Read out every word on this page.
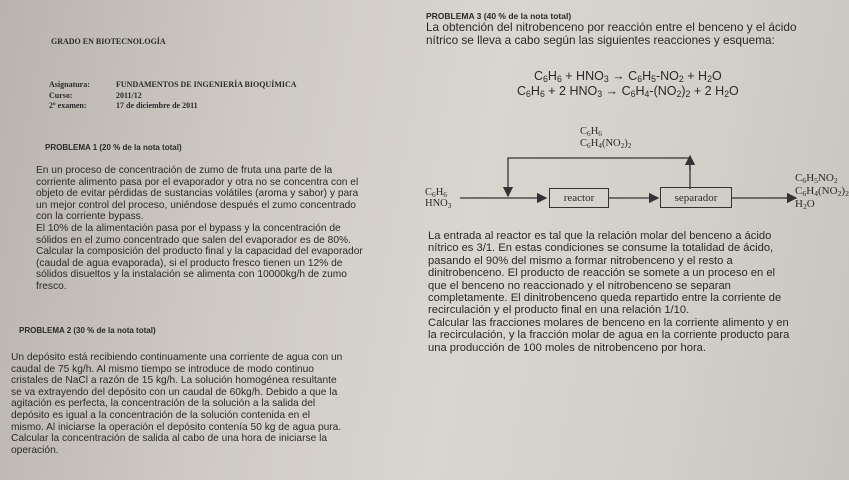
GRADO EN BIOTECNOLOGÍA
Asignatura:	FUNDAMENTOS DE INGENIERÍA BIOQUÍMICA
Curso:	2011/12
2º examen:	17 de diciembre de 2011
PROBLEMA 1 (20 % de la nota total)
En un proceso de concentración de zumo de fruta una parte de la
corriente alimento pasa por el evaporador y otra no se concentra con el
objeto de evitar pérdidas de sustancias volátiles (aroma y sabor) y para
un mejor control del proceso, uniéndose después el zumo concentrado
con la corriente bypass.
El 10% de la alimentación pasa por el bypass y la concentración de
sólidos en el zumo concentrado que salen del evaporador es de 80%.
Calcular la composición del producto final y la capacidad del evaporador
(caudal de agua evaporada), si el producto fresco tienen un 12% de
sólidos disueltos y la instalación se alimenta con 10000kg/h de zumo
fresco.
PROBLEMA 2 (30 % de la nota total)
Un depósito está recibiendo continuamente una corriente de agua con un
caudal de 75 kg/h. Al mismo tiempo se introduce de modo continuo
cristales de NaCl a razón de 15 kg/h. La solución homogénea resultante
se va extrayendo del depósito con un caudal de 60kg/h. Debido a que la
agitación es perfecta, la concentración de la solución a la salida del
depósito es igual a la concentración de la solución contenida en el
mismo. Al iniciarse la operación el depósito contenía 50 kg de agua pura.
Calcular la concentración de salida al cabo de una hora de iniciarse la
operación.
PROBLEMA 3 (40 % de la nota total)
La obtención del nitrobenceno por reacción entre el benceno y el ácido
nítrico se lleva a cabo según las siguientes reacciones y esquema:
$C_6H_6 + HNO_3 \to C_6H_5-NO_2 + H_2O$
$C_6H_6 + 2$ $HNO_3 \to C_6H_4-(NO_2)_2 + 2$ $H_2O$
reactor	separador
$C_6H_6$
$HNO_3$
$C_6H_6$
$C_6H_4(NO_2)_2$
$C_6H_5NO_2$
$C_6H_4(NO_2)_2$
$H_2O$
La entrada al reactor es tal que la relación molar del benceno a ácido
nítrico es 3/1. En estas condiciones se consume la totalidad de ácido,
pasando el 90% del mismo a formar nitrobenceno y el resto a
dinitrobenceno. El producto de reacción se somete a un proceso en el
que el benceno no reaccionado y el nitrobenceno se separan
completamente. El dinitrobenceno queda repartido entre la corriente de
recirculación y el producto final en una relación 1/10.
Calcular las fracciones molares de benceno en la corriente alimento y en
la recirculación, y la fracción molar de agua en la corriente producto para
una producción de 100 moles de nitrobenceno por hora.
